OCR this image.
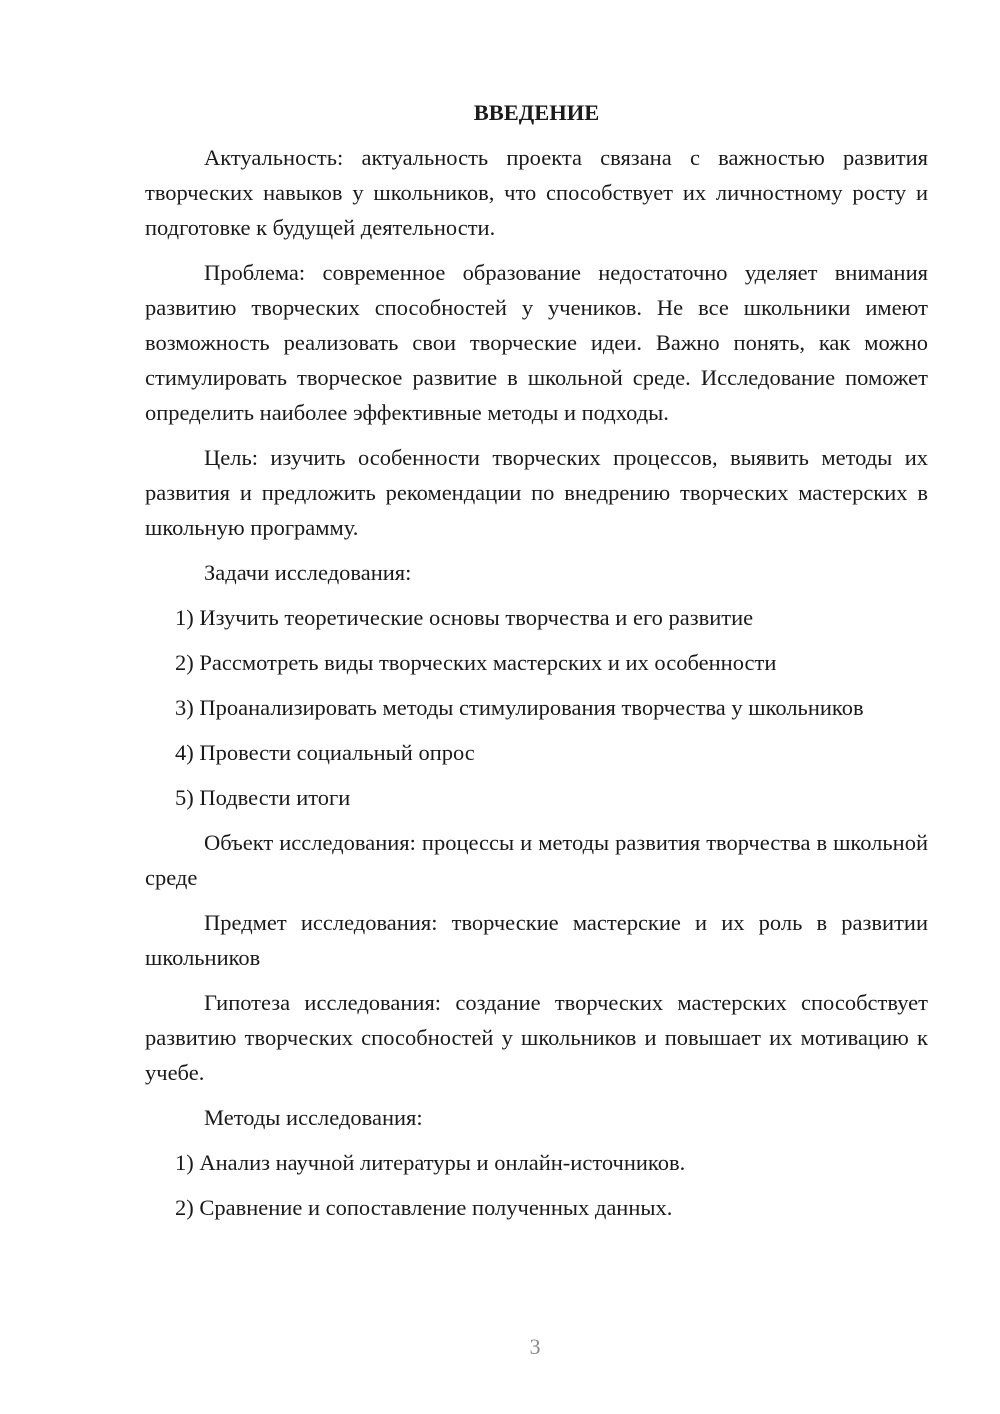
ВВЕДЕНИЕ

Актуальность: актуальность проекта связана с важностью развития творческих навыков у школьников, что способствует их личностному росту и подготовке к будущей деятельности.

Проблема: современное образование недостаточно уделяет внимания развитию творческих способностей у учеников. Не все школьники имеют возможность реализовать свои творческие идеи. Важно понять, как можно стимулировать творческое развитие в школьной среде. Исследование поможет определить наиболее эффективные методы и подходы.

Цель: изучить особенности творческих процессов, выявить методы их развития и предложить рекомендации по внедрению творческих мастерских в школьную программу.

Задачи исследования:

1) Изучить теоретические основы творчества и его развитие

2) Рассмотреть виды творческих мастерских и их особенности

3) Проанализировать методы стимулирования творчества у школьников

4) Провести социальный опрос

5) Подвести итоги

Объект исследования: процессы и методы развития творчества в школьной среде

Предмет исследования: творческие мастерские и их роль в развитии школьников

Гипотеза исследования: создание творческих мастерских способствует развитию творческих способностей у школьников и повышает их мотивацию к учебе.

Методы исследования:

1) Анализ научной литературы и онлайн-источников.

2) Сравнение и сопоставление полученных данных.

3
